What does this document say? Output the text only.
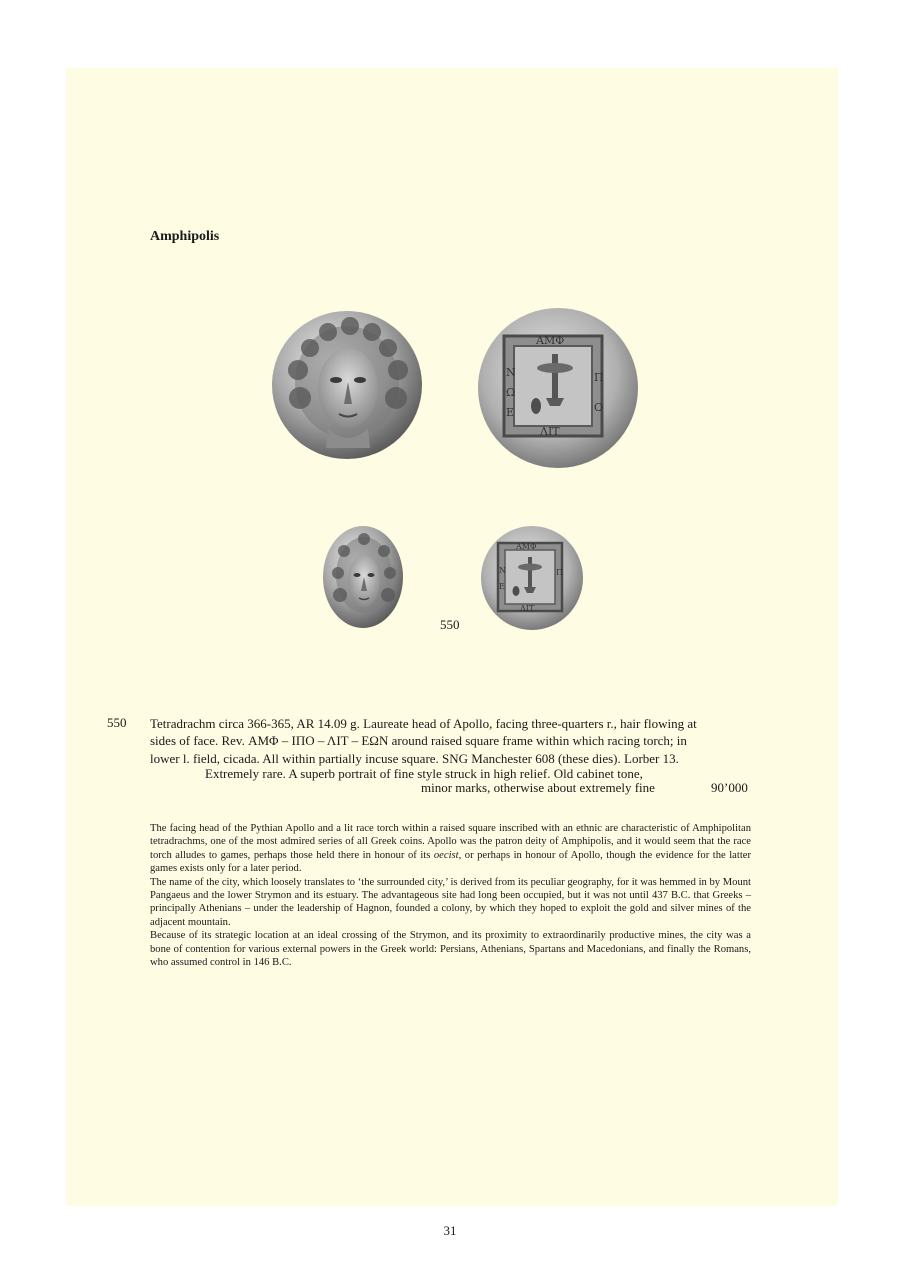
Amphipolis
ΑΜΦ
Ν
Ω
Ε
Π
Ο
ΛΙΤ
ΑΜΦ
Ν
Ε
Π
ΛΙΤ
550
550 Tetradrachm circa 366-365, AR 14.09 g. Laureate head of Apollo, facing three-quarters r., hair flowing at
sides of face. Rev. ΑΜΦ – ΙΠΟ – ΛΙΤ – ΕΩΝ around raised square frame within which racing torch; in
lower l. field, cicada. All within partially incuse square. SNG Manchester 608 (these dies). Lorber 13.
Extremely rare. A superb portrait of fine style struck in high relief. Old cabinet tone,
minor marks, otherwise about extremely fine	90’000

The facing head of the Pythian Apollo and a lit race torch within a raised square inscribed with an ethnic are characteristic of Amphipolitan tetradrachms, one of the most admired series of all Greek coins. Apollo was the patron deity of Amphipolis, and it would seem that the race torch alludes to games, perhaps those held there in honour of its oecist, or perhaps in honour of Apollo, though the evidence for the latter games exists only for a later period.

The name of the city, which loosely translates to ‘the surrounded city,’ is derived from its peculiar geography, for it was hemmed in by Mount Pangaeus and the lower Strymon and its estuary. The advantageous site had long been occupied, but it was not until 437 B.C. that Greeks – principally Athenians – under the leadership of Hagnon, founded a colony, by which they hoped to exploit the gold and silver mines of the adjacent mountain.

Because of its strategic location at an ideal crossing of the Strymon, and its proximity to extraordinarily productive mines, the city was a bone of contention for various external powers in the Greek world: Persians, Athenians, Spartans and Macedonians, and finally the Romans, who assumed control in 146 B.C.

31
